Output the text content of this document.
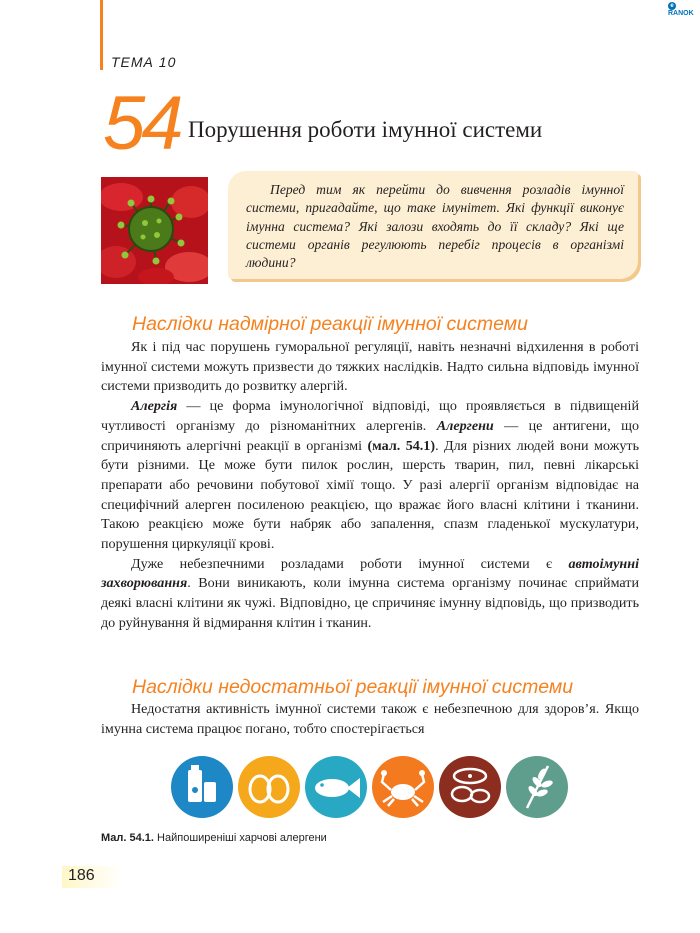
ТЕМА 10
e RANOK
54 Порушення роботи імунної системи

Перед тим як перейти до вивчення розладів імунної системи, пригадайте, що таке імунітет. Які функції виконує імунна система? Які залози входять до її складу? Які ще системи органів регулюють перебіг процесів в організмі людини?

Наслідки надмірної реакції імунної системи

Як і під час порушень гуморальної регуляції, навіть незначні відхилення в роботі імунної системи можуть призвести до тяжких наслідків. Надто сильна відповідь імунної системи призводить до розвитку алергій.

Алергія — це форма імунологічної відповіді, що проявляється в підвищеній чутливості організму до різноманітних алергенів. Алергени — це антигени, що спричиняють алергічні реакції в організмі (мал. 54.1). Для різних людей вони можуть бути різними. Це може бути пилок рослин, шерсть тварин, пил, певні лікарські препарати або речовини побутової хімії тощо. У разі алергії організм відповідає на специфічний алерген посиленою реакцією, що вражає його власні клітини і тканини. Такою реакцією може бути набряк або запалення, спазм гладенької мускулатури, порушення циркуляції крові.

Дуже небезпечними розладами роботи імунної системи є автоімунні захворювання. Вони виникають, коли імунна система організму починає сприймати деякі власні клітини як чужі. Відповідно, це спричиняє імунну відповідь, що призводить до руйнування й відмирання клітин і тканин.

Наслідки недостатньої реакції імунної системи

Недостатня активність імунної системи також є небезпечною для здоров’я. Якщо імунна система працює погано, тобто спостерігається

Мал. 54.1. Найпоширеніші харчові алергени
186
